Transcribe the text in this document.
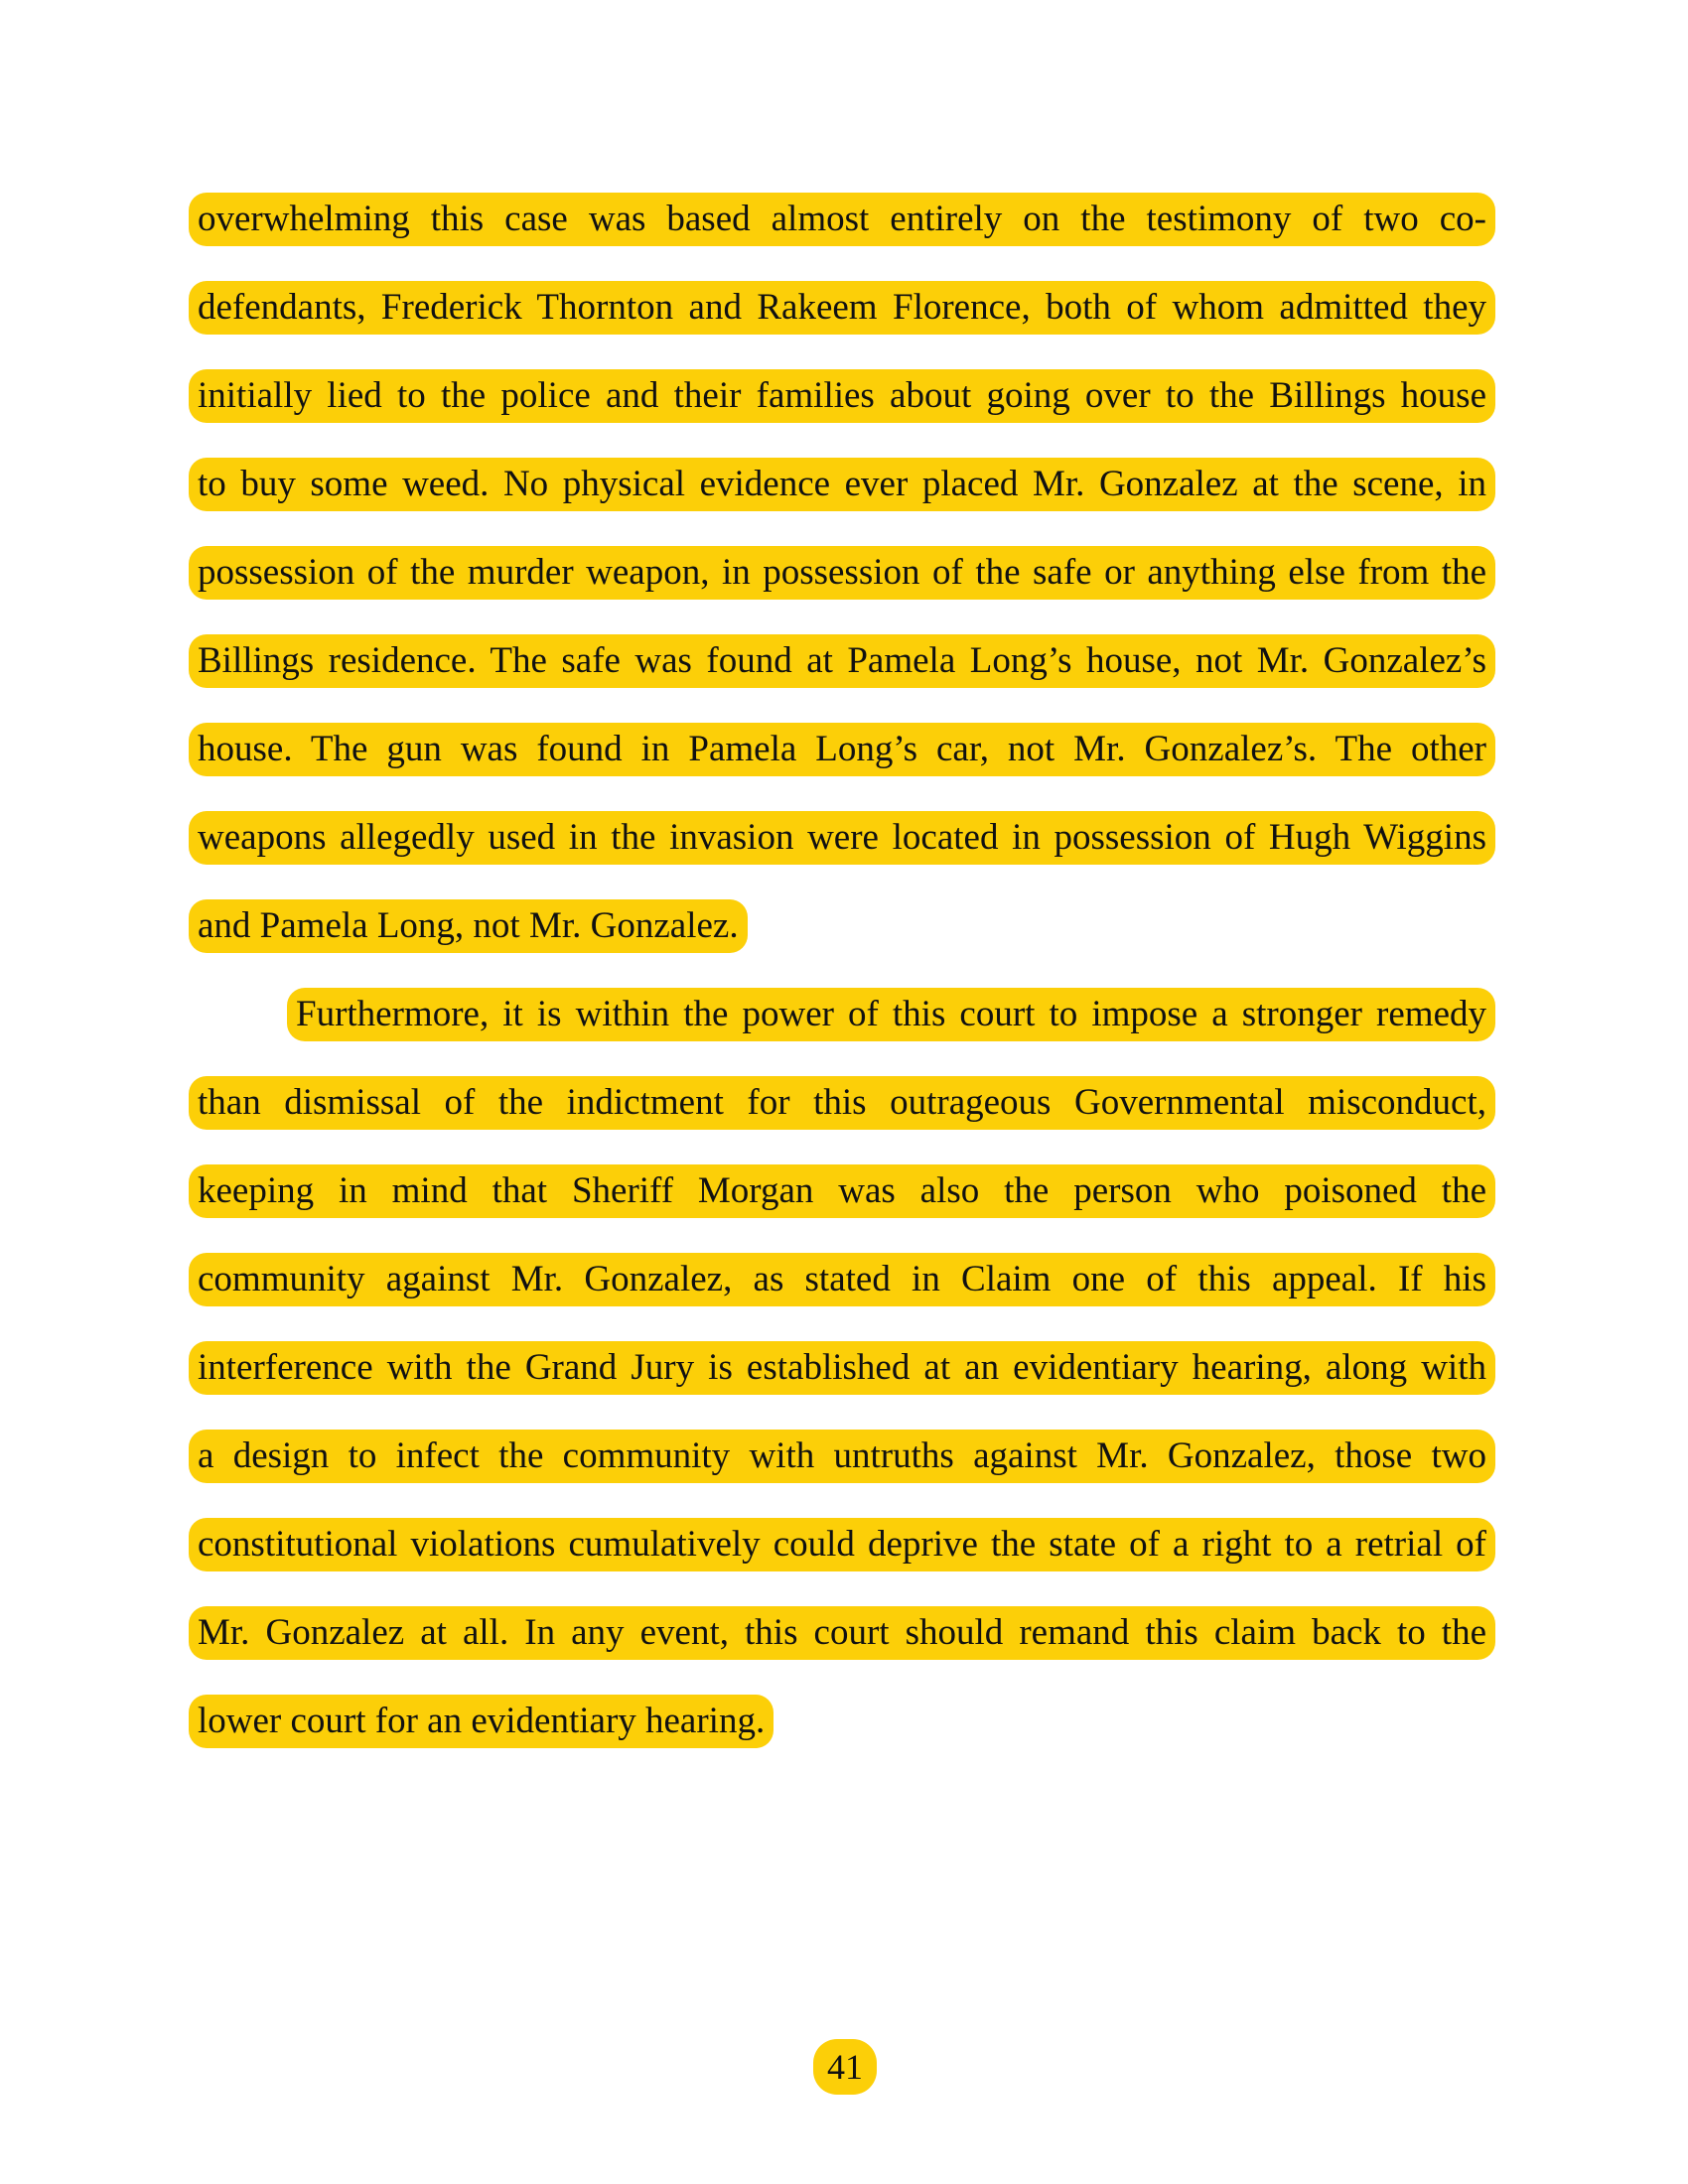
overwhelming this case was based almost entirely on the testimony of two co-
defendants, Frederick Thornton and Rakeem Florence, both of whom admitted they
initially lied to the police and their families about going over to the Billings house
to buy some weed. No physical evidence ever placed Mr. Gonzalez at the scene, in
possession of the murder weapon, in possession of the safe or anything else from the
Billings residence. The safe was found at Pamela Long’s house, not Mr. Gonzalez’s
house. The gun was found in Pamela Long’s car, not Mr. Gonzalez’s. The other
weapons allegedly used in the invasion were located in possession of Hugh Wiggins
and Pamela Long, not Mr. Gonzalez.
Furthermore, it is within the power of this court to impose a stronger remedy
than dismissal of the indictment for this outrageous Governmental misconduct,
keeping in mind that Sheriff Morgan was also the person who poisoned the
community against Mr. Gonzalez, as stated in Claim one of this appeal. If his
interference with the Grand Jury is established at an evidentiary hearing, along with
a design to infect the community with untruths against Mr. Gonzalez, those two
constitutional violations cumulatively could deprive the state of a right to a retrial of
Mr. Gonzalez at all. In any event, this court should remand this claim back to the
lower court for an evidentiary hearing.
41
